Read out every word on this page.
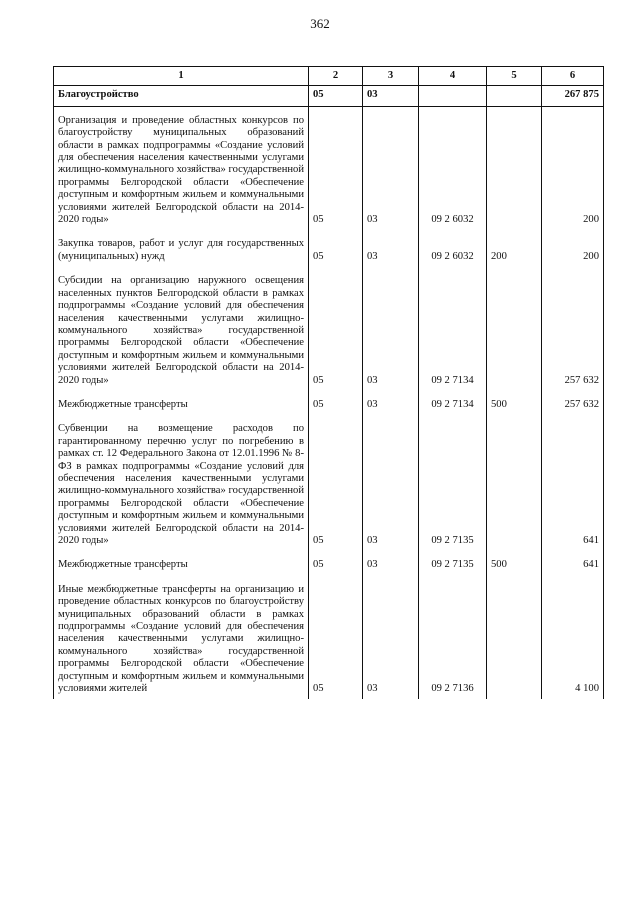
362
1	2	3	4	5	6
Благоустройство	05	03			267 875
Организация и проведение областных конкурсов по благоустройству муниципальных образований области в рамках подпрограммы «Создание условий для обеспечения населения качественными услугами жилищно-коммунального хозяйства» государственной программы Белгородской области «Обеспечение доступным и комфортным жильем и коммунальными условиями жителей Белгородской области на 2014-2020 годы»	05	03	09 2 6032		200
Закупка товаров, работ и услуг для государственных (муниципальных) нужд	05	03	09 2 6032	200	200
Субсидии на организацию наружного освещения населенных пунктов Белгородской области в рамках подпрограммы «Создание условий для обеспечения населения качественными услугами жилищно-коммунального хозяйства» государственной программы Белгородской области «Обеспечение доступным и комфортным жильем и коммунальными условиями жителей Белгородской области на 2014-2020 годы»	05	03	09 2 7134		257 632
Межбюджетные трансферты	05	03	09 2 7134	500	257 632
Субвенции на возмещение расходов по гарантированному перечню услуг по погребению в рамках ст. 12 Федерального Закона от 12.01.1996 № 8-ФЗ в рамках подпрограммы «Создание условий для обеспечения населения качественными услугами жилищно-коммунального хозяйства» государственной программы Белгородской области «Обеспечение доступным и комфортным жильем и коммунальными условиями жителей Белгородской области на 2014-2020 годы»	05	03	09 2 7135		641
Межбюджетные трансферты	05	03	09 2 7135	500	641
Иные межбюджетные трансферты на организацию и проведение областных конкурсов по благоустройству муниципальных образований области в рамках подпрограммы «Создание условий для обеспечения населения качественными услугами жилищно-коммунального хозяйства» государственной программы Белгородской области «Обеспечение доступным и комфортным жильем и коммунальными условиями жителей	05	03	09 2 7136		4 100
